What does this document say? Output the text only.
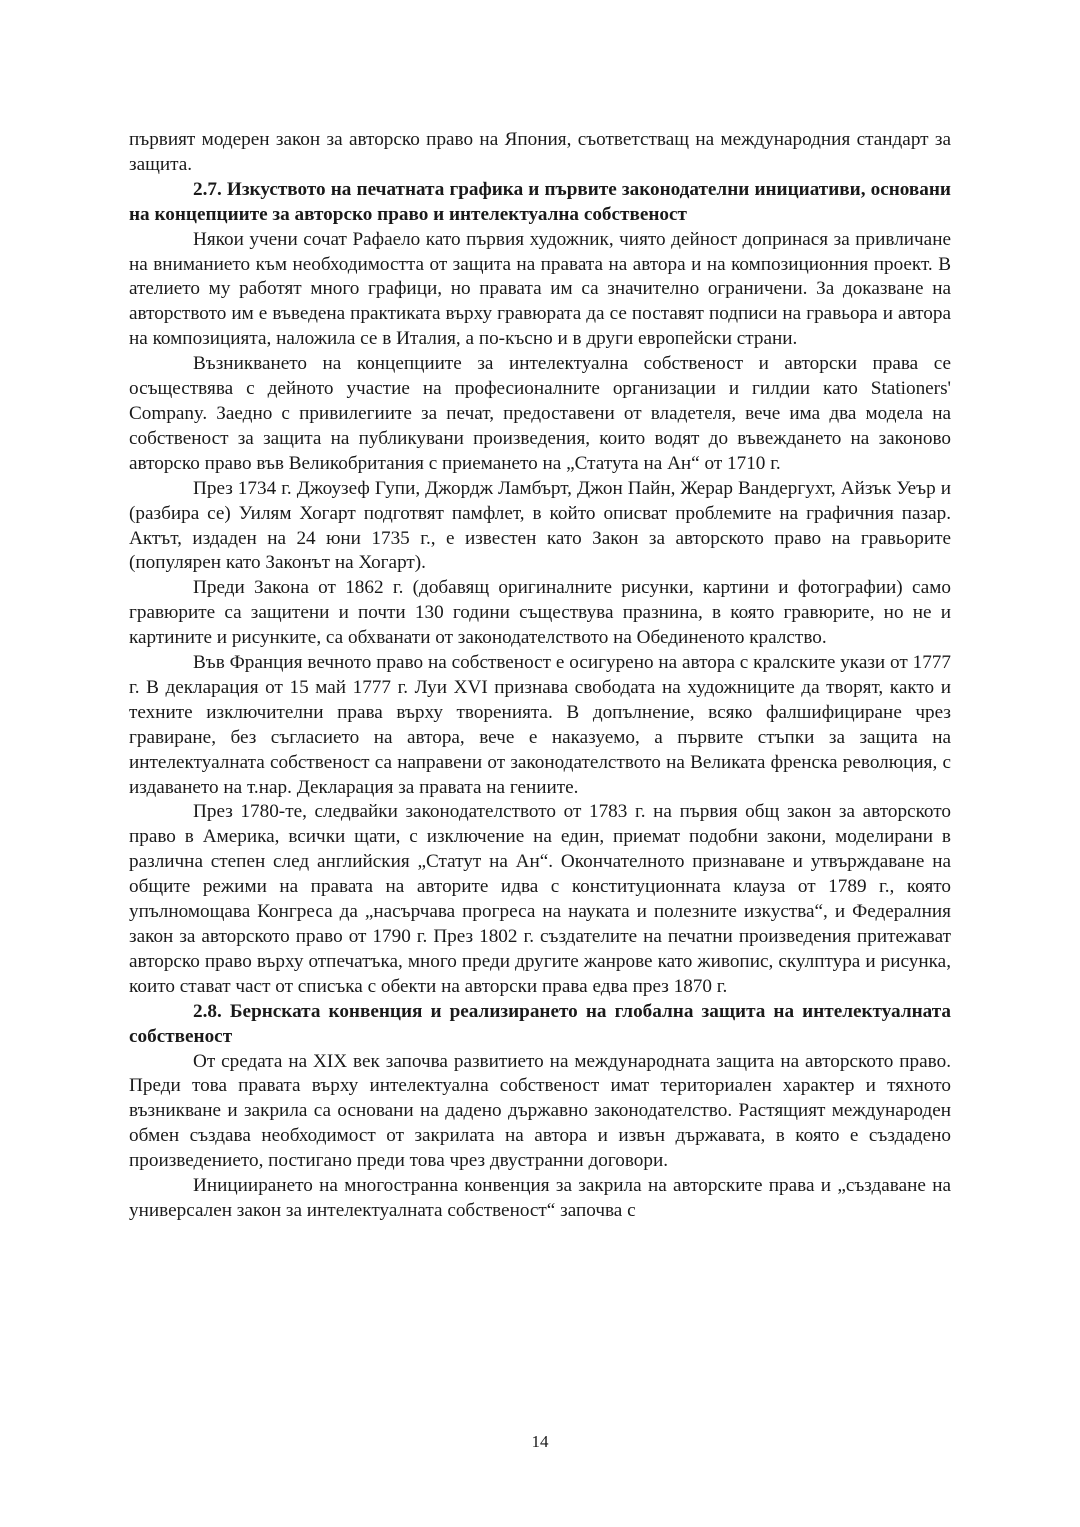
първият модерен закон за авторско право на Япония, съответстващ на международния стандарт за защита.

2.7. Изкуството на печатната графика и първите законодателни инициативи, основани на концепциите за авторско право и интелектуална собственост

Някои учени сочат Рафаело като първия художник, чиято дейност допринася за привличане на вниманието към необходимостта от защита на правата на автора и на композиционния проект. В ателието му работят много графици, но правата им са значително ограничени. За доказване на авторството им е въведена практиката върху гравюрата да се поставят подписи на гравьора и автора на композицията, наложила се в Италия, а по-късно и в други европейски страни.

Възникването на концепциите за интелектуална собственост и авторски права се осъществява с дейното участие на професионалните организации и гилдии като Stationers' Company. Заедно с привилегиите за печат, предоставени от владетеля, вече има два модела на собственост за защита на публикувани произведения, които водят до въвеждането на законово авторско право във Великобритания с приемането на „Статута на Ан“ от 1710 г.

През 1734 г. Джоузеф Гупи, Джордж Ламбърт, Джон Пайн, Жерар Вандергухт, Айзък Уеър и (разбира се) Уилям Хогарт подготвят памфлет, в който описват проблемите на графичния пазар. Актът, издаден на 24 юни 1735 г., е известен като Закон за авторското право на гравьорите (популярен като Законът на Хогарт).

Преди Закона от 1862 г. (добавящ оригиналните рисунки, картини и фотографии) само гравюрите са защитени и почти 130 години съществува празнина, в която гравюрите, но не и картините и рисунките, са обхванати от законодателството на Обединеното кралство.

Във Франция вечното право на собственост е осигурено на автора с кралските укази от 1777 г. В декларация от 15 май 1777 г. Луи XVI признава свободата на художниците да творят, както и техните изключителни права върху творенията. В допълнение, всяко фалшифициране чрез гравиране, без съгласието на автора, вече е наказуемо, а първите стъпки за защита на интелектуалната собственост са направени от законодателството на Великата френска революция, с издаването на т.нар. Декларация за правата на гениите.

През 1780-те, следвайки законодателството от 1783 г. на първия общ закон за авторското право в Америка, всички щати, с изключение на един, приемат подобни закони, моделирани в различна степен след английския „Статут на Ан“. Окончателното признаване и утвърждаване на общите режими на правата на авторите идва с конституционната клауза от 1789 г., която упълномощава Конгреса да „насърчава прогреса на науката и полезните изкуства“, и Федералния закон за авторското право от 1790 г. През 1802 г. създателите на печатни произведения притежават авторско право върху отпечатъка, много преди другите жанрове като живопис, скулптура и рисунка, които стават част от списъка с обекти на авторски права едва през 1870 г.

2.8. Бернската конвенция и реализирането на глобална защита на интелектуалната собственост

От средата на XIX век започва развитието на международната защита на авторското право. Преди това правата върху интелектуална собственост имат териториален характер и тяхното възникване и закрила са основани на дадено държавно законодателство. Растящият международен обмен създава необходимост от закрилата на автора и извън държавата, в която е създадено произведението, постигано преди това чрез двустранни договори.

Инициирането на многостранна конвенция за закрила на авторските права и „създаване на универсален закон за интелектуалната собственост“ започва с

14
